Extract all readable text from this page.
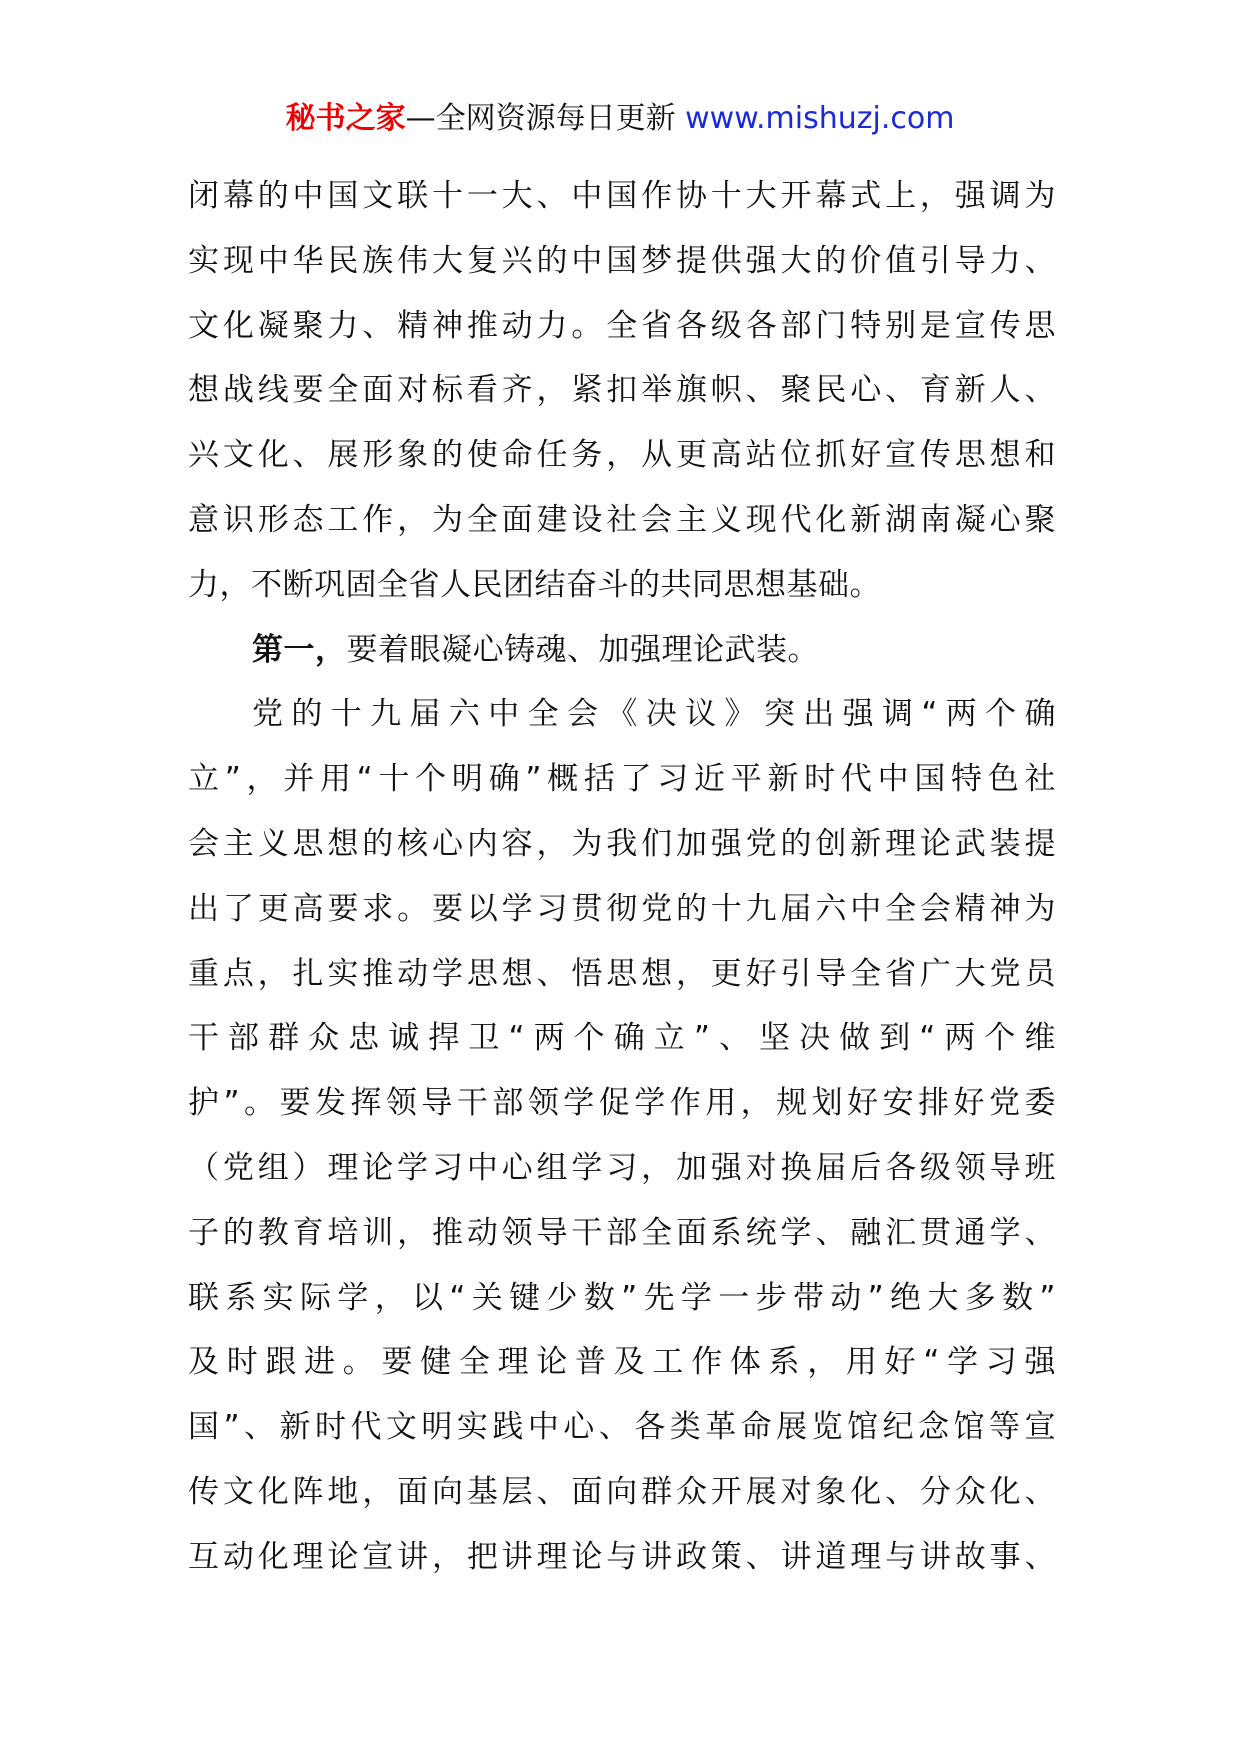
秘书之家—全网资源每日更新 www.mishuzj.com
闭幕的中国文联十一大、中国作协十大开幕式上，强调为
实现中华民族伟大复兴的中国梦提供强大的价值引导力、
文化凝聚力、精神推动力。全省各级各部门特别是宣传思
想战线要全面对标看齐，紧扣举旗帜、聚民心、育新人、
兴文化、展形象的使命任务，从更高站位抓好宣传思想和
意识形态工作，为全面建设社会主义现代化新湖南凝心聚
力，不断巩固全省人民团结奋斗的共同思想基础。
第一，要着眼凝心铸魂、加强理论武装。
党的十九届六中全会《决议》突出强调“两个确
立”，并用“十个明确”概括了习近平新时代中国特色社
会主义思想的核心内容，为我们加强党的创新理论武装提
出了更高要求。要以学习贯彻党的十九届六中全会精神为
重点，扎实推动学思想、悟思想，更好引导全省广大党员
干部群众忠诚捍卫“两个确立”、坚决做到“两个维
护”。要发挥领导干部领学促学作用，规划好安排好党委
（党组）理论学习中心组学习，加强对换届后各级领导班
子的教育培训，推动领导干部全面系统学、融汇贯通学、
联系实际学，以“关键少数”先学一步带动”绝大多数”
及时跟进。要健全理论普及工作体系，用好“学习强
国”、新时代文明实践中心、各类革命展览馆纪念馆等宣
传文化阵地，面向基层、面向群众开展对象化、分众化、
互动化理论宣讲，把讲理论与讲政策、讲道理与讲故事、
